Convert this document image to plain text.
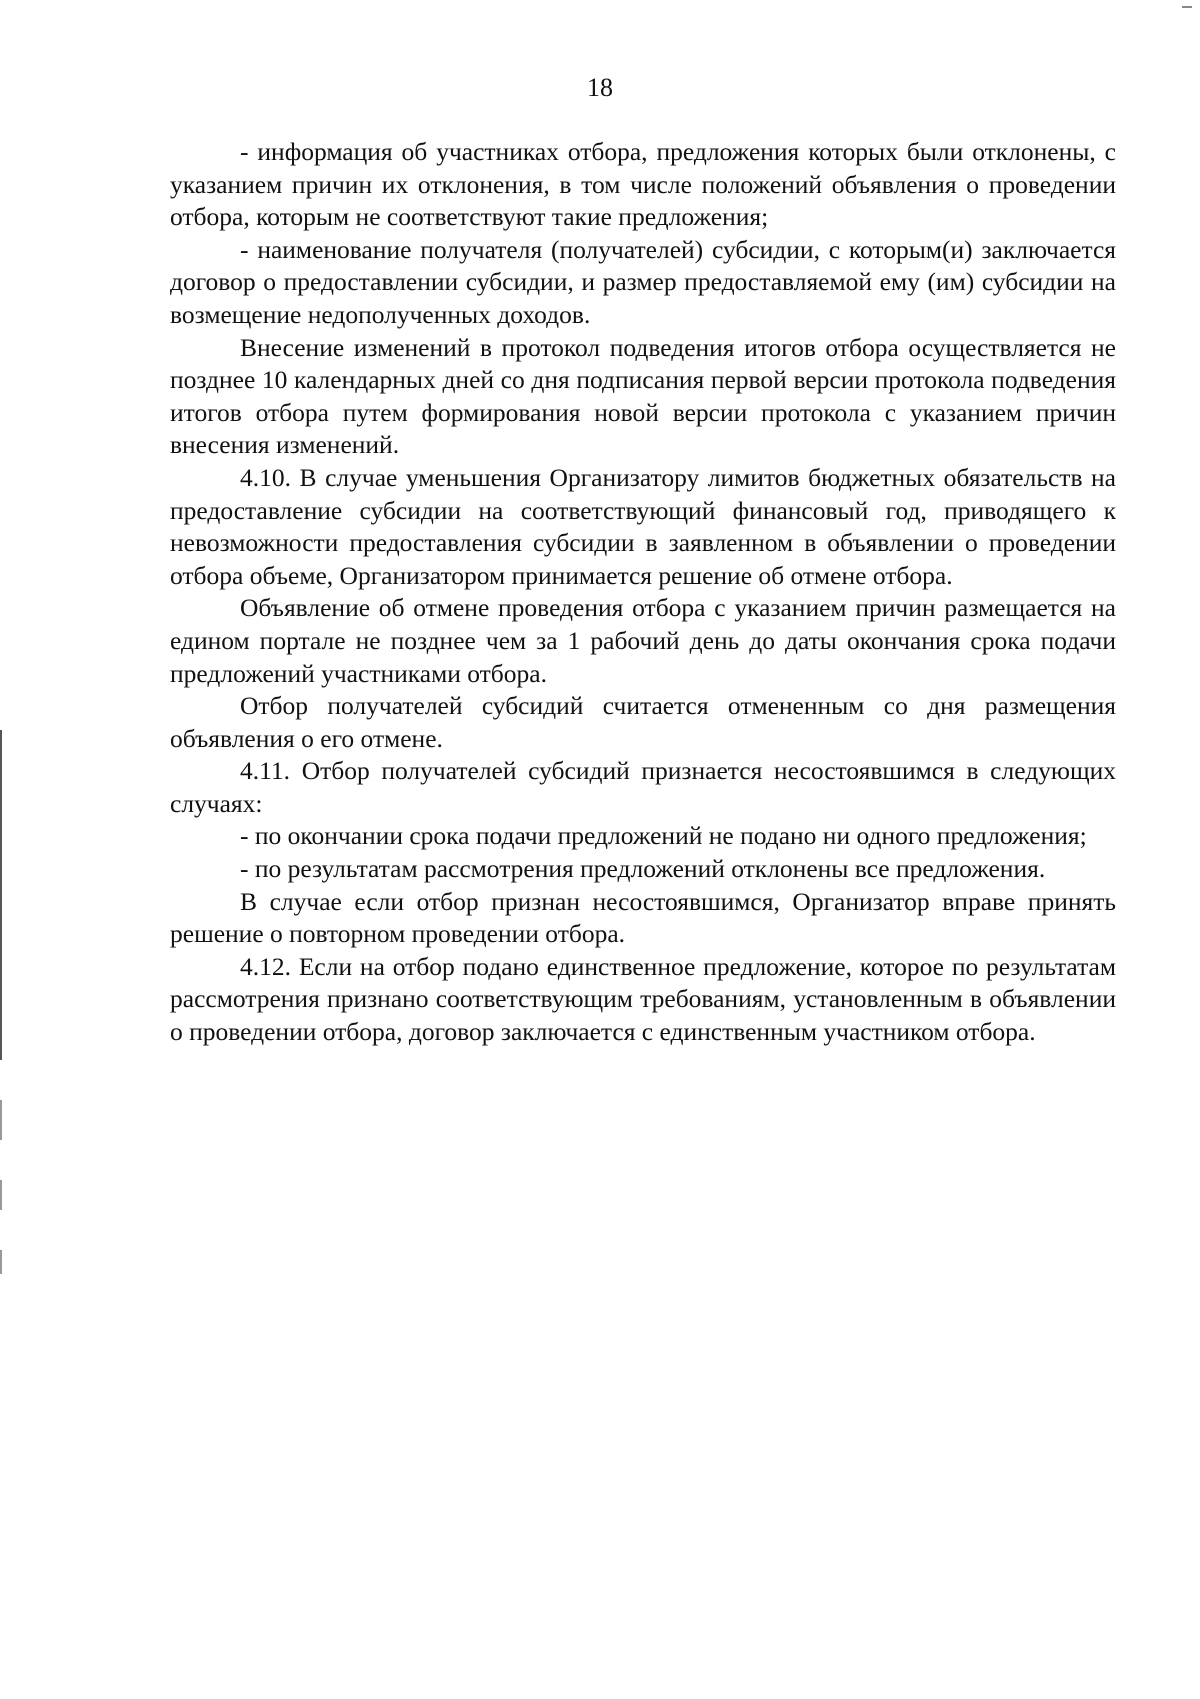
18

- информация об участниках отбора, предложения которых были отклонены, с указанием причин их отклонения, в том числе положений объявления о проведении отбора, которым не соответствуют такие предложения;

- наименование получателя (получателей) субсидии, с которым(и) заключается договор о предоставлении субсидии, и размер предоставляемой ему (им) субсидии на возмещение недополученных доходов.

Внесение изменений в протокол подведения итогов отбора осуществляется не позднее 10 календарных дней со дня подписания первой версии протокола подведения итогов отбора путем формирования новой версии протокола с указанием причин внесения изменений.

4.10. В случае уменьшения Организатору лимитов бюджетных обязательств на предоставление субсидии на соответствующий финансовый год, приводящего к невозможности предоставления субсидии в заявленном в объявлении о проведении отбора объеме, Организатором принимается решение об отмене отбора.

Объявление об отмене проведения отбора с указанием причин размещается на едином портале не позднее чем за 1 рабочий день до даты окончания срока подачи предложений участниками отбора.

Отбор получателей субсидий считается отмененным со дня размещения объявления о его отмене.

4.11. Отбор получателей субсидий признается несостоявшимся в следующих случаях:

- по окончании срока подачи предложений не подано ни одного предложения;

- по результатам рассмотрения предложений отклонены все предложения.

В случае если отбор признан несостоявшимся, Организатор вправе принять решение о повторном проведении отбора.

4.12. Если на отбор подано единственное предложение, которое по результатам рассмотрения признано соответствующим требованиям, установленным в объявлении о проведении отбора, договор заключается с единственным участником отбора.
